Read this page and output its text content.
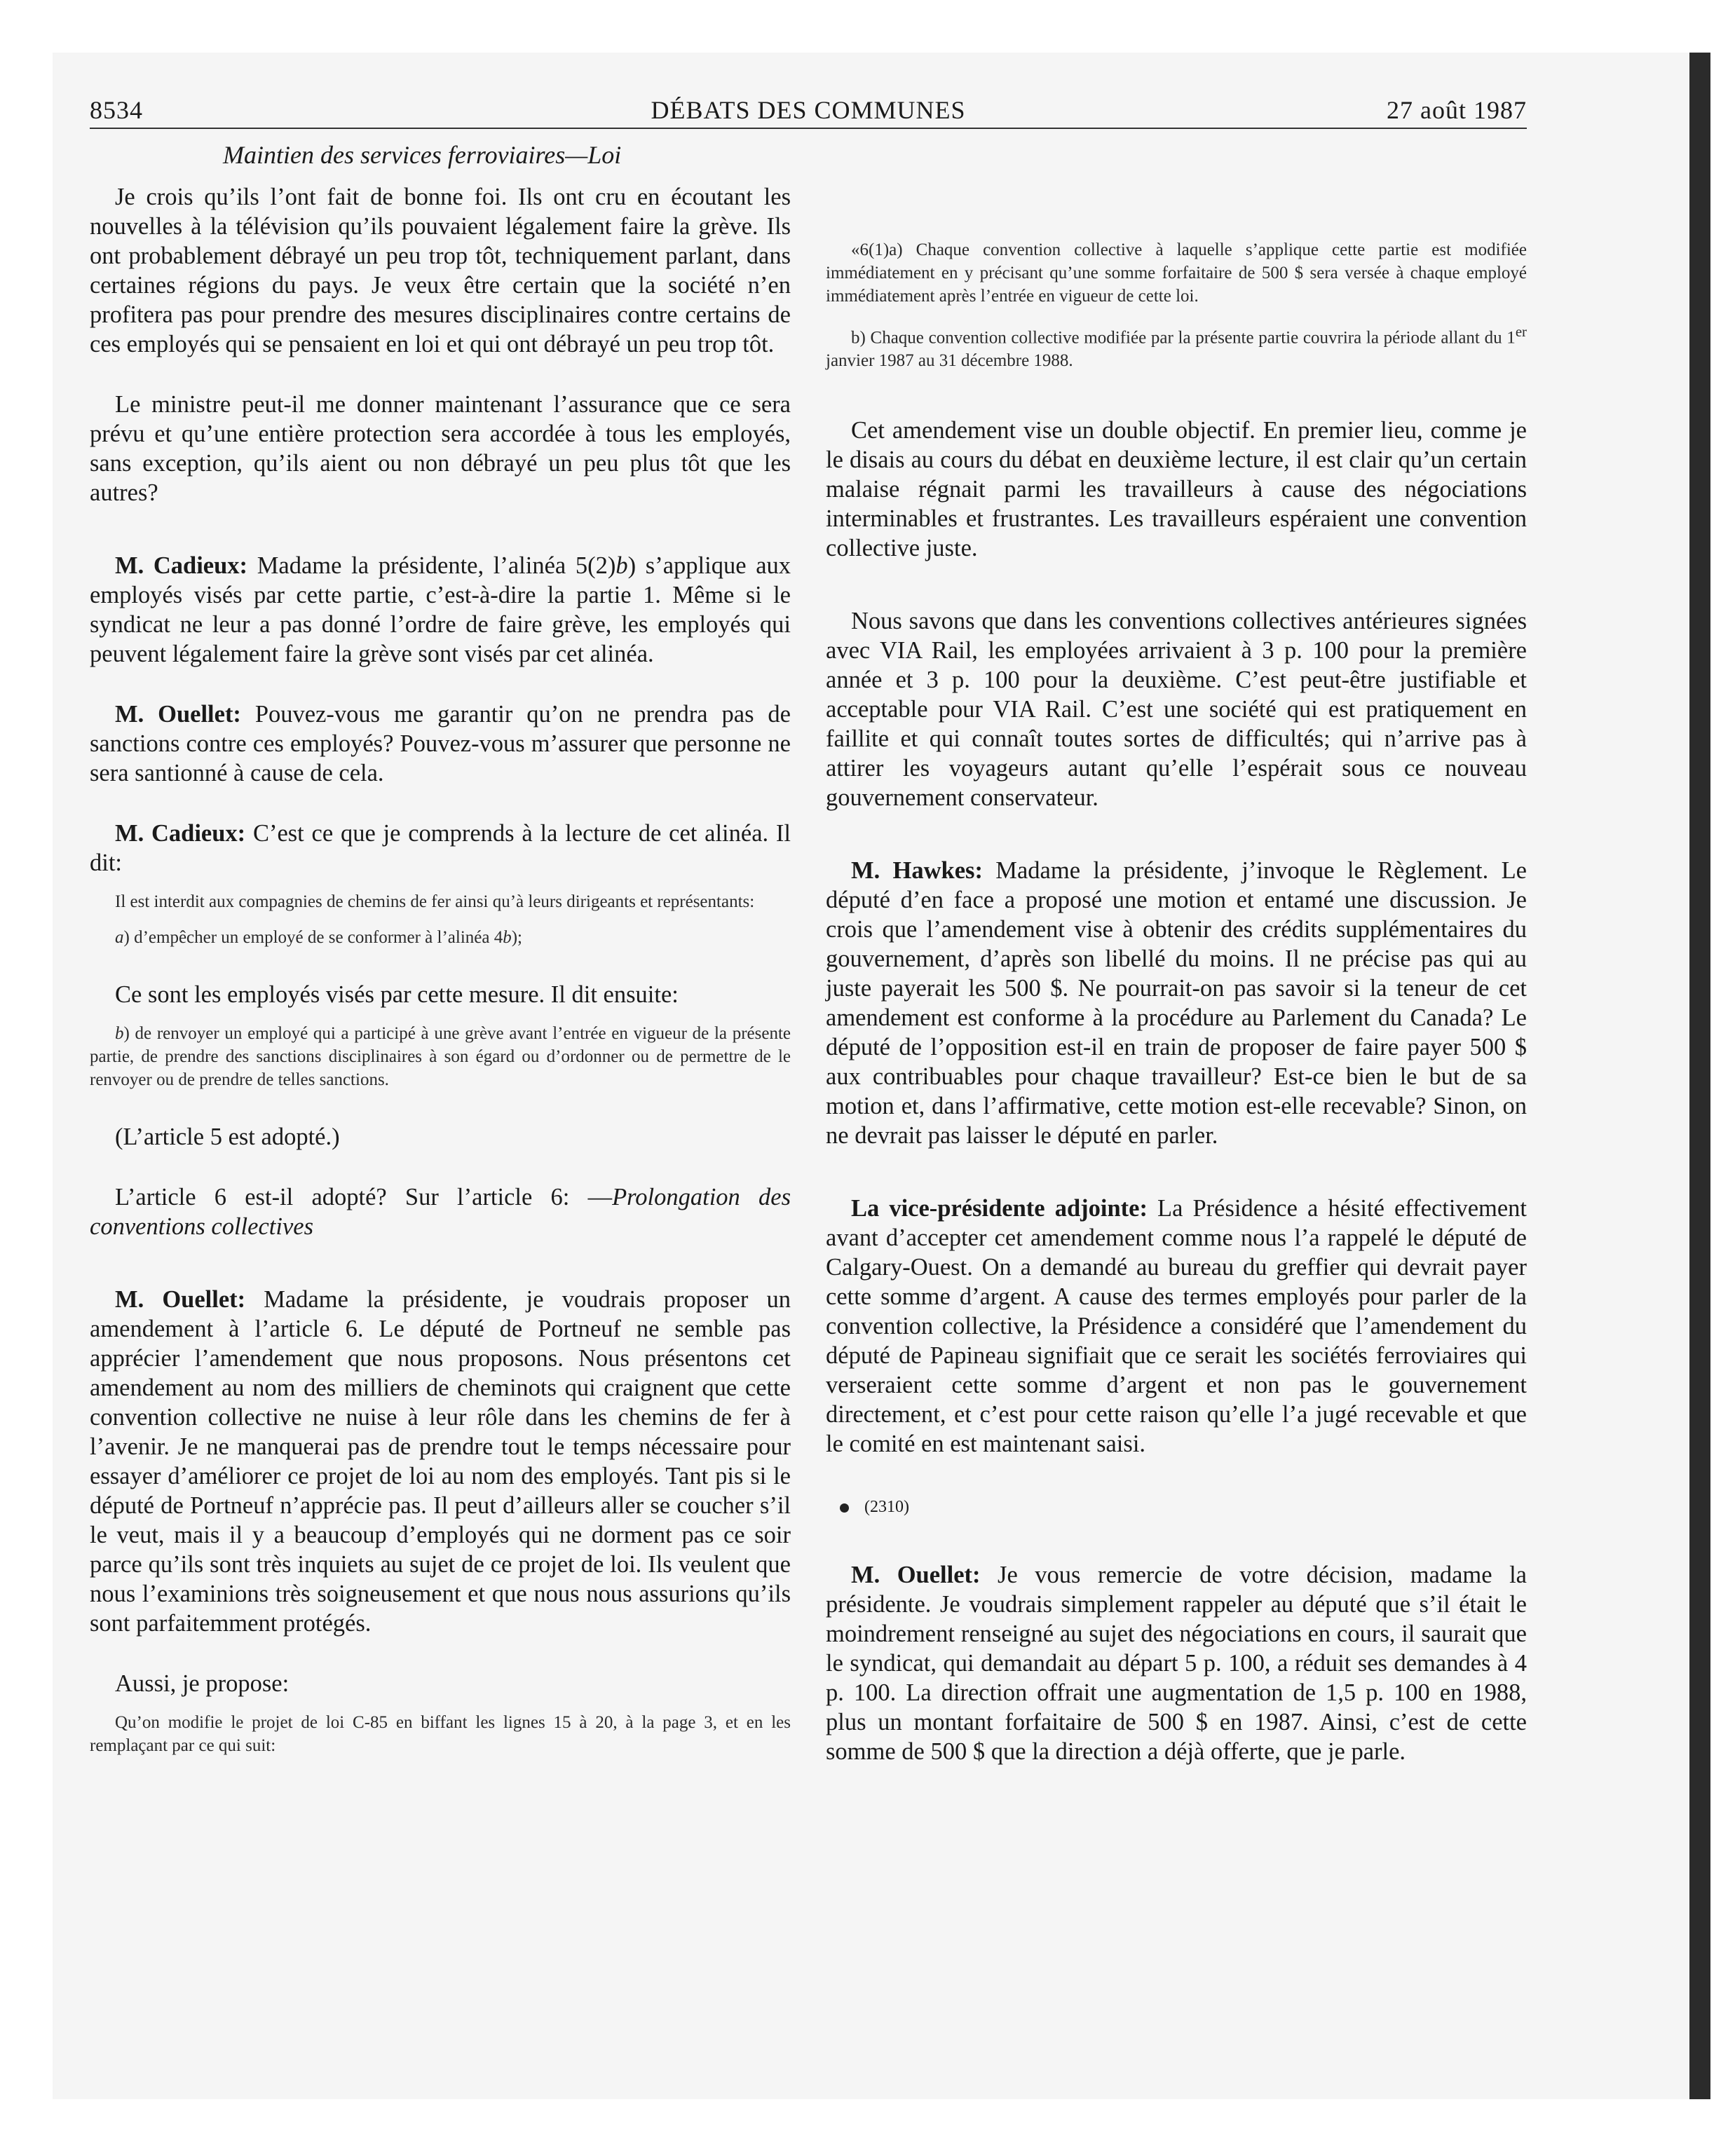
8534	DÉBATS DES COMMUNES	27 août 1987
Maintien des services ferroviaires—Loi

Je crois qu’ils l’ont fait de bonne foi. Ils ont cru en écoutant les nouvelles à la télévision qu’ils pouvaient légalement faire la grève. Ils ont probablement débrayé un peu trop tôt, techniquement parlant, dans certaines régions du pays. Je veux être certain que la société n’en profitera pas pour prendre des mesures disciplinaires contre certains de ces employés qui se pensaient en loi et qui ont débrayé un peu trop tôt.

Le ministre peut-il me donner maintenant l’assurance que ce sera prévu et qu’une entière protection sera accordée à tous les employés, sans exception, qu’ils aient ou non débrayé un peu plus tôt que les autres?

M. Cadieux: Madame la présidente, l’alinéa 5(2)b) s’applique aux employés visés par cette partie, c’est-à-dire la partie 1. Même si le syndicat ne leur a pas donné l’ordre de faire grève, les employés qui peuvent légalement faire la grève sont visés par cet alinéa.

M. Ouellet: Pouvez-vous me garantir qu’on ne prendra pas de sanctions contre ces employés? Pouvez-vous m’assurer que personne ne sera santionné à cause de cela.

M. Cadieux: C’est ce que je comprends à la lecture de cet alinéa. Il dit:

Il est interdit aux compagnies de chemins de fer ainsi qu’à leurs dirigeants et représentants:

a) d’empêcher un employé de se conformer à l’alinéa 4b);

Ce sont les employés visés par cette mesure. Il dit ensuite:

b) de renvoyer un employé qui a participé à une grève avant l’entrée en vigueur de la présente partie, de prendre des sanctions disciplinaires à son égard ou d’ordonner ou de permettre de le renvoyer ou de prendre de telles sanctions.

(L’article 5 est adopté.)

L’article 6 est-il adopté? Sur l’article 6: —Prolongation des conventions collectives

M. Ouellet: Madame la présidente, je voudrais proposer un amendement à l’article 6. Le député de Portneuf ne semble pas apprécier l’amendement que nous proposons. Nous présentons cet amendement au nom des milliers de cheminots qui craignent que cette convention collective ne nuise à leur rôle dans les chemins de fer à l’avenir. Je ne manquerai pas de prendre tout le temps nécessaire pour essayer d’améliorer ce projet de loi au nom des employés. Tant pis si le député de Portneuf n’apprécie pas. Il peut d’ailleurs aller se coucher s’il le veut, mais il y a beaucoup d’employés qui ne dorment pas ce soir parce qu’ils sont très inquiets au sujet de ce projet de loi. Ils veulent que nous l’examinions très soigneusement et que nous nous assurions qu’ils sont parfaitemment protégés.

Aussi, je propose:

Qu’on modifie le projet de loi C-85 en biffant les lignes 15 à 20, à la page 3, et en les remplaçant par ce qui suit:

«6(1)a) Chaque convention collective à laquelle s’applique cette partie est modifiée immédiatement en y précisant qu’une somme forfaitaire de 500 $ sera versée à chaque employé immédiatement après l’entrée en vigueur de cette loi.

b) Chaque convention collective modifiée par la présente partie couvrira la période allant du 1er janvier 1987 au 31 décembre 1988.

Cet amendement vise un double objectif. En premier lieu, comme je le disais au cours du débat en deuxième lecture, il est clair qu’un certain malaise régnait parmi les travailleurs à cause des négociations interminables et frustrantes. Les travailleurs espéraient une convention collective juste.

Nous savons que dans les conventions collectives antérieures signées avec VIA Rail, les employées arrivaient à 3 p. 100 pour la première année et 3 p. 100 pour la deuxième. C’est peut-être justifiable et acceptable pour VIA Rail. C’est une société qui est pratiquement en faillite et qui connaît toutes sortes de difficultés; qui n’arrive pas à attirer les voyageurs autant qu’elle l’espérait sous ce nouveau gouvernement conservateur.

M. Hawkes: Madame la présidente, j’invoque le Règlement. Le député d’en face a proposé une motion et entamé une discussion. Je crois que l’amendement vise à obtenir des crédits supplémentaires du gouvernement, d’après son libellé du moins. Il ne précise pas qui au juste payerait les 500 $. Ne pourrait-on pas savoir si la teneur de cet amendement est conforme à la procédure au Parlement du Canada? Le député de l’opposition est-il en train de proposer de faire payer 500 $ aux contribuables pour chaque travailleur? Est-ce bien le but de sa motion et, dans l’affirmative, cette motion est-elle recevable? Sinon, on ne devrait pas laisser le député en parler.

La vice-présidente adjointe: La Présidence a hésité effectivement avant d’accepter cet amendement comme nous l’a rappelé le député de Calgary-Ouest. On a demandé au bureau du greffier qui devrait payer cette somme d’argent. A cause des termes employés pour parler de la convention collective, la Présidence a considéré que l’amendement du député de Papineau signifiait que ce serait les sociétés ferroviaires qui verseraient cette somme d’argent et non pas le gouvernement directement, et c’est pour cette raison qu’elle l’a jugé recevable et que le comité en est maintenant saisi.

(2310)

M. Ouellet: Je vous remercie de votre décision, madame la présidente. Je voudrais simplement rappeler au député que s’il était le moindrement renseigné au sujet des négociations en cours, il saurait que le syndicat, qui demandait au départ 5 p. 100, a réduit ses demandes à 4 p. 100. La direction offrait une augmentation de 1,5 p. 100 en 1988, plus un montant forfaitaire de 500 $ en 1987. Ainsi, c’est de cette somme de 500 $ que la direction a déjà offerte, que je parle.
